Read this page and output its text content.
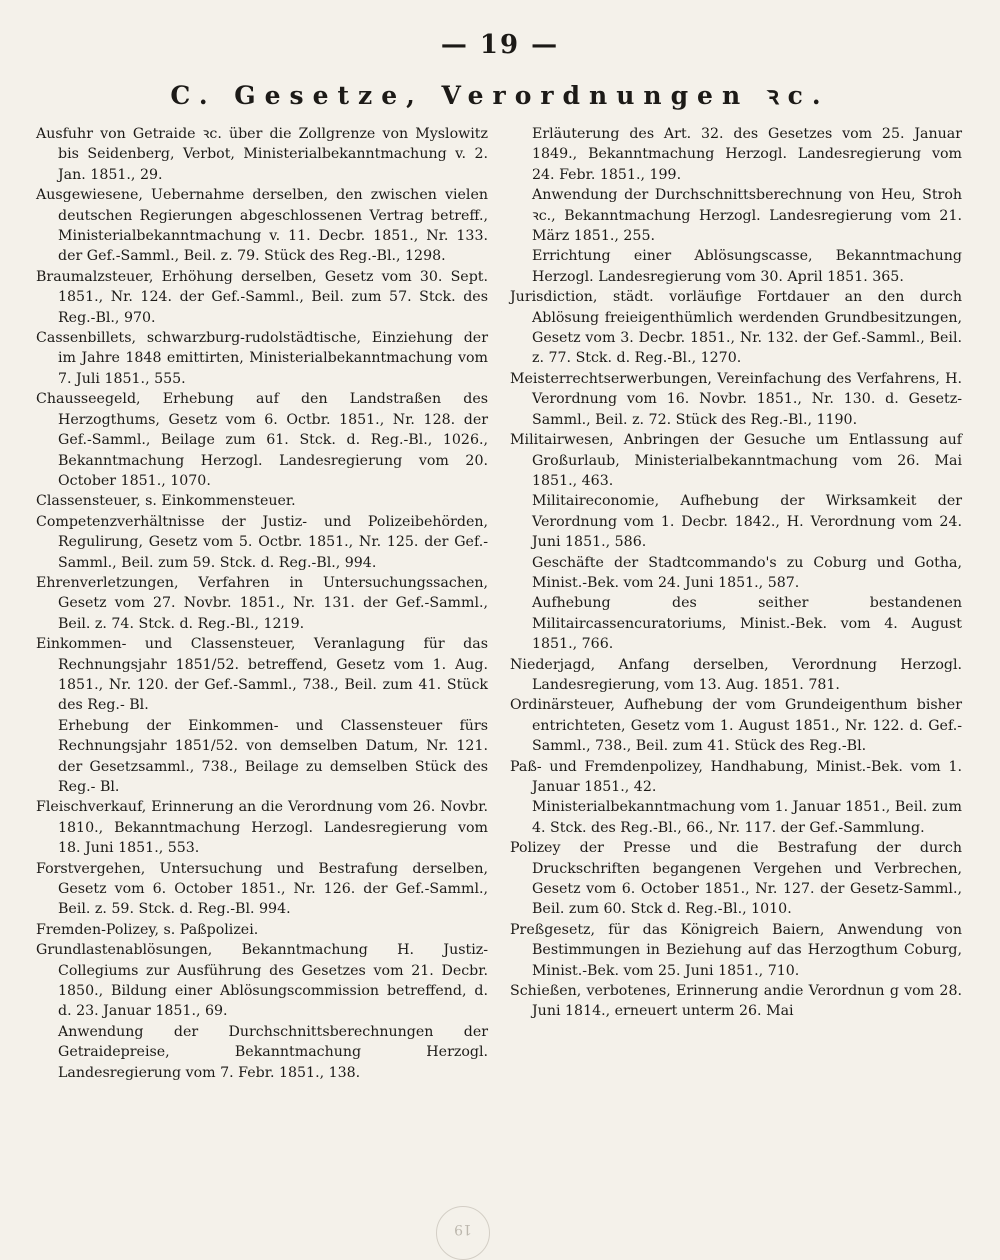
— 19 —
C. Gesetze, Verordnungen ꝛc.

Ausfuhr von Getraide ꝛc. über die Zollgrenze von Myslowitz bis Seidenberg, Verbot, Ministerialbekanntmachung v. 2. Jan. 1851., 29.

Ausgewiesene, Uebernahme derselben, den zwischen vielen deutschen Regierungen abgeschlossenen Vertrag betreff., Ministerialbekanntmachung v. 11. Decbr. 1851., Nr. 133. der Gef.-Samml., Beil. z. 79. Stück des Reg.-Bl., 1298.

Braumalzsteuer, Erhöhung derselben, Gesetz vom 30. Sept. 1851., Nr. 124. der Gef.-Samml., Beil. zum 57. Stck. des Reg.-Bl., 970.

Cassenbillets, schwarzburg-rudolstädtische, Einziehung der im Jahre 1848 emittirten, Ministerialbekanntmachung vom 7. Juli 1851., 555.

Chausseegeld, Erhebung auf den Landstraßen des Herzogthums, Gesetz vom 6. Octbr. 1851., Nr. 128. der Gef.-Samml., Beilage zum 61. Stck. d. Reg.-Bl., 1026., Bekanntmachung Herzogl. Landesregierung vom 20. October 1851., 1070.

Classensteuer, s. Einkommensteuer.

Competenzverhältnisse der Justiz- und Polizeibehörden, Regulirung, Gesetz vom 5. Octbr. 1851., Nr. 125. der Gef.-Samml., Beil. zum 59. Stck. d. Reg.-Bl., 994.

Ehrenverletzungen, Verfahren in Untersuchungssachen, Gesetz vom 27. Novbr. 1851., Nr. 131. der Gef.-Samml., Beil. z. 74. Stck. d. Reg.-Bl., 1219.

Einkommen- und Classensteuer, Veranlagung für das Rechnungsjahr 1851/52. betreffend, Gesetz vom 1. Aug. 1851., Nr. 120. der Gef.-Samml., 738., Beil. zum 41. Stück des Reg.- Bl.

Erhebung der Einkommen- und Classensteuer fürs Rechnungsjahr 1851/52. von demselben Datum, Nr. 121. der Gesetzsamml., 738., Beilage zu demselben Stück des Reg.- Bl.

Fleischverkauf, Erinnerung an die Verordnung vom 26. Novbr. 1810., Bekanntmachung Herzogl. Landesregierung vom 18. Juni 1851., 553.

Forstvergehen, Untersuchung und Bestrafung derselben, Gesetz vom 6. October 1851., Nr. 126. der Gef.-Samml., Beil. z. 59. Stck. d. Reg.-Bl. 994.

Fremden-Polizey, s. Paßpolizei.

Grundlastenablösungen, Bekanntmachung H. Justiz-Collegiums zur Ausführung des Gesetzes vom 21. Decbr. 1850., Bildung einer Ablösungscommission betreffend, d. d. 23. Januar 1851., 69.

Anwendung der Durchschnittsberechnungen der Getraidepreise, Bekanntmachung Herzogl. Landesregierung vom 7. Febr. 1851., 138.

Erläuterung des Art. 32. des Gesetzes vom 25. Januar 1849., Bekanntmachung Herzogl. Landesregierung vom 24. Febr. 1851., 199.

Anwendung der Durchschnittsberechnung von Heu, Stroh ꝛc., Bekanntmachung Herzogl. Landesregierung vom 21. März 1851., 255.

Errichtung einer Ablösungscasse, Bekanntmachung Herzogl. Landesregierung vom 30. April 1851. 365.

Jurisdiction, städt. vorläufige Fortdauer an den durch Ablösung freieigenthümlich werdenden Grundbesitzungen, Gesetz vom 3. Decbr. 1851., Nr. 132. der Gef.-Samml., Beil. z. 77. Stck. d. Reg.-Bl., 1270.

Meisterrechtserwerbungen, Vereinfachung des Verfahrens, H. Verordnung vom 16. Novbr. 1851., Nr. 130. d. Gesetz-Samml., Beil. z. 72. Stück des Reg.-Bl., 1190.

Militairwesen, Anbringen der Gesuche um Entlassung auf Großurlaub, Ministerialbekanntmachung vom 26. Mai 1851., 463.

Militaireconomie, Aufhebung der Wirksamkeit der Verordnung vom 1. Decbr. 1842., H. Verordnung vom 24. Juni 1851., 586.

Geschäfte der Stadtcommando's zu Coburg und Gotha, Minist.-Bek. vom 24. Juni 1851., 587.

Aufhebung des seither bestandenen Militaircassencuratoriums, Minist.-Bek. vom 4. August 1851., 766.

Niederjagd, Anfang derselben, Verordnung Herzogl. Landesregierung, vom 13. Aug. 1851. 781.

Ordinärsteuer, Aufhebung der vom Grundeigenthum bisher entrichteten, Gesetz vom 1. August 1851., Nr. 122. d. Gef.-Samml., 738., Beil. zum 41. Stück des Reg.-Bl.

Paß- und Fremdenpolizey, Handhabung, Minist.-Bek. vom 1. Januar 1851., 42.

Ministerialbekanntmachung vom 1. Januar 1851., Beil. zum 4. Stck. des Reg.-Bl., 66., Nr. 117. der Gef.-Sammlung.

Polizey der Presse und die Bestrafung der durch Druckschriften begangenen Vergehen und Verbrechen, Gesetz vom 6. October 1851., Nr. 127. der Gesetz-Samml., Beil. zum 60. Stck d. Reg.-Bl., 1010.

Preßgesetz, für das Königreich Baiern, Anwendung von Bestimmungen in Beziehung auf das Herzogthum Coburg, Minist.-Bek. vom 25. Juni 1851., 710.

Schießen, verbotenes, Erinnerung andie Verordnun g vom 28. Juni 1814., erneuert unterm 26. Mai

19
